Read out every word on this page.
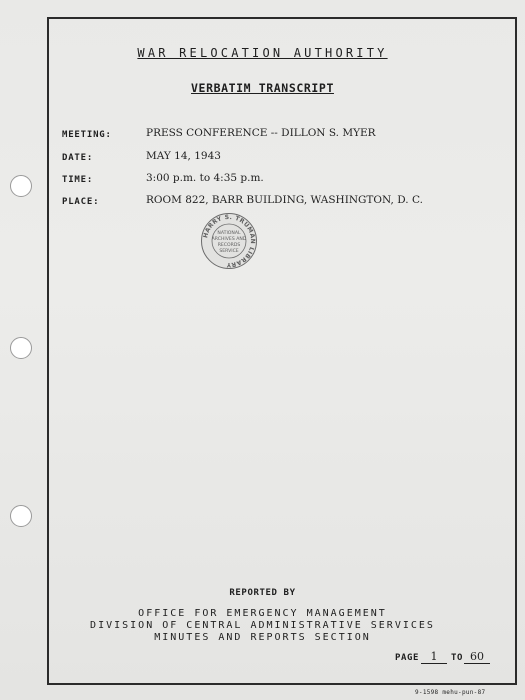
WAR RELOCATION AUTHORITY
VERBATIM TRANSCRIPT
MEETING:	PRESS CONFERENCE -- DILLON S. MYER
DATE:	MAY 14, 1943
TIME:	3:00 p.m. to 4:35 p.m.
PLACE:	ROOM 822, BARR BUILDING, WASHINGTON, D. C.
HARRY S. TRUMAN LIBRARY
NATIONAL
ARCHIVES AND
RECORDS
SERVICE
REPORTED BY
OFFICE FOR EMERGENCY MANAGEMENT
DIVISION OF CENTRAL ADMINISTRATIVE SERVICES
MINUTES AND REPORTS SECTION
PAGE	1	TO 60
9-1598 mehu-pun-87
